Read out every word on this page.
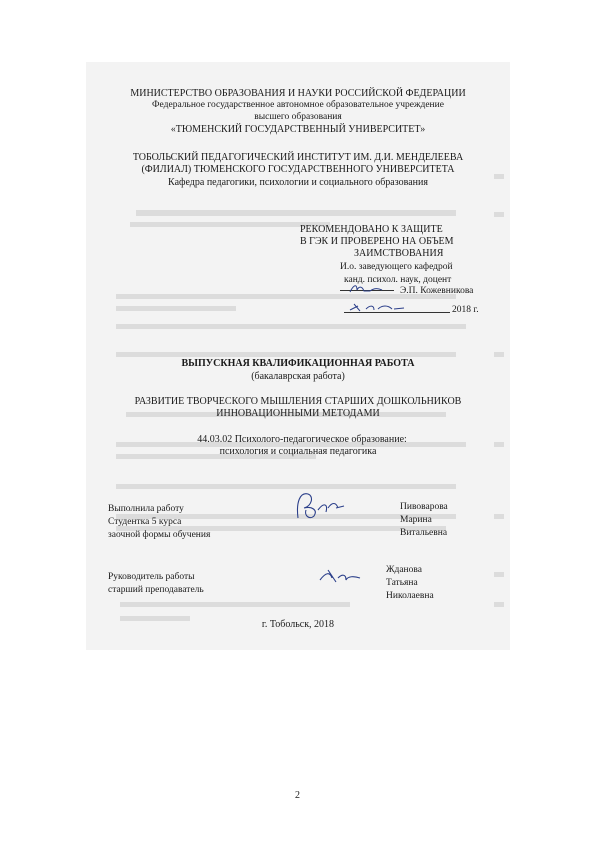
МИНИСТЕРСТВО ОБРАЗОВАНИЯ И НАУКИ РОССИЙСКОЙ ФЕДЕРАЦИИ
Федеральное государственное автономное образовательное учреждение
высшего образования
«ТЮМЕНСКИЙ ГОСУДАРСТВЕННЫЙ УНИВЕРСИТЕТ»
ТОБОЛЬСКИЙ ПЕДАГОГИЧЕСКИЙ ИНСТИТУТ ИМ. Д.И. МЕНДЕЛЕЕВА
(ФИЛИАЛ) ТЮМЕНСКОГО ГОСУДАРСТВЕННОГО УНИВЕРСИТЕТА
Кафедра педагогики, психологии и социального образования
РЕКОМЕНДОВАНО К ЗАЩИТЕ
В ГЭК И ПРОВЕРЕНО НА ОБЪЕМ
ЗАИМСТВОВАНИЯ
И.о. заведующего кафедрой
канд. психол. наук, доцент
Э.П. Кожевникова
2018 г.
ВЫПУСКНАЯ КВАЛИФИКАЦИОННАЯ РАБОТА
(бакалаврская работа)
РАЗВИТИЕ ТВОРЧЕСКОГО МЫШЛЕНИЯ СТАРШИХ ДОШКОЛЬНИКОВ
ИННОВАЦИОННЫМИ МЕТОДАМИ
44.03.02 Психолого-педагогическое образование:
психология и социальная педагогика
Выполнила работу
Студентка 5 курса
заочной формы обучения
Пивоварова
Марина
Витальевна
Руководитель работы
старший преподаватель
Жданова
Татьяна
Николаевна
г. Тобольск, 2018
2
